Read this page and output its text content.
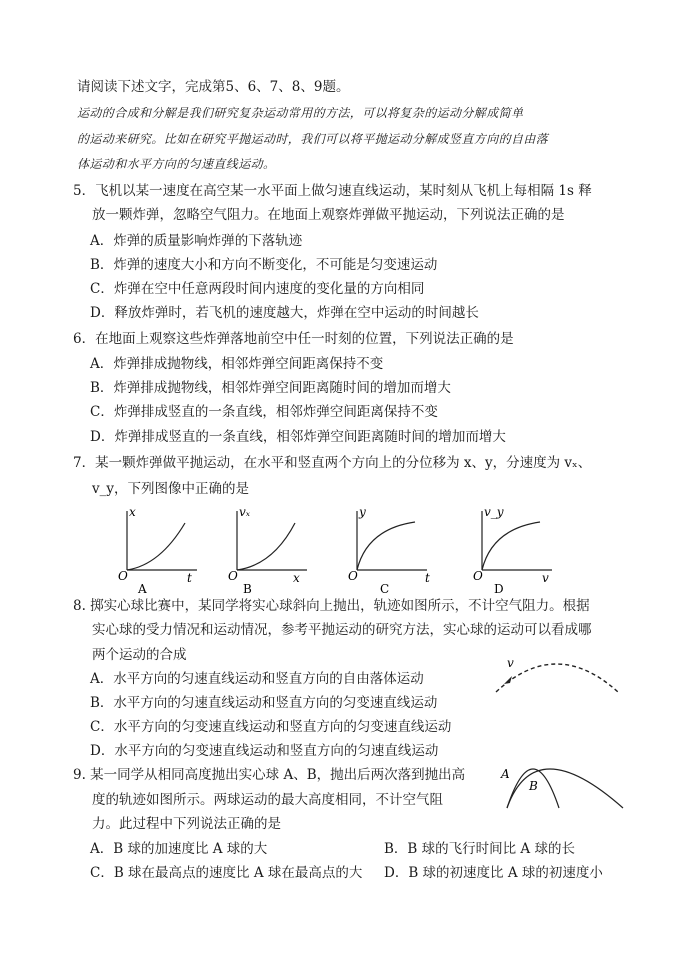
请阅读下述文字，完成第5、6、7、8、9题。
运动的合成和分解是我们研究复杂运动常用的方法，可以将复杂的运动分解成简单
的运动来研究。比如在研究平抛运动时，我们可以将平抛运动分解成竖直方向的自由落
体运动和水平方向的匀速直线运动。
5．飞机以某一速度在高空某一水平面上做匀速直线运动，某时刻从飞机上每相隔 1s 释
放一颗炸弹，忽略空气阻力。在地面上观察炸弹做平抛运动，下列说法正确的是
A．炸弹的质量影响炸弹的下落轨迹
B．炸弹的速度大小和方向不断变化，不可能是匀变速运动
C．炸弹在空中任意两段时间内速度的变化量的方向相同
D．释放炸弹时，若飞机的速度越大，炸弹在空中运动的时间越长
6．在地面上观察这些炸弹落地前空中任一时刻的位置，下列说法正确的是
A．炸弹排成抛物线，相邻炸弹空间距离保持不变
B．炸弹排成抛物线，相邻炸弹空间距离随时间的增加而增大
C．炸弹排成竖直的一条直线，相邻炸弹空间距离保持不变
D．炸弹排成竖直的一条直线，相邻炸弹空间距离随时间的增加而增大
7．某一颗炸弹做平抛运动，在水平和竖直两个方向上的分位移为 x、y，分速度为 vₓ、
v_y，下列图像中正确的是
x
O	t
A
vₓ
O	x
B
y
O	t
C
v_y
O	v
D
8. 掷实心球比赛中，某同学将实心球斜向上抛出，轨迹如图所示，不计空气阻力。根据
实心球的受力情况和运动情况，参考平抛运动的研究方法，实心球的运动可以看成哪
两个运动的合成
A．水平方向的匀速直线运动和竖直方向的自由落体运动
B．水平方向的匀速直线运动和竖直方向的匀变速直线运动
C．水平方向的匀变速直线运动和竖直方向的匀变速直线运动
D．水平方向的匀变速直线运动和竖直方向的匀速直线运动
v
9. 某一同学从相同高度抛出实心球 A、B，抛出后两次落到抛出高
度的轨迹如图所示。两球运动的最大高度相同，不计空气阻
力。此过程中下列说法正确的是
A．B 球的加速度比 A 球的大	B．B 球的飞行时间比 A 球的长
C．B 球在最高点的速度比 A 球在最高点的大 D．B 球的初速度比 A 球的初速度小
A
B
